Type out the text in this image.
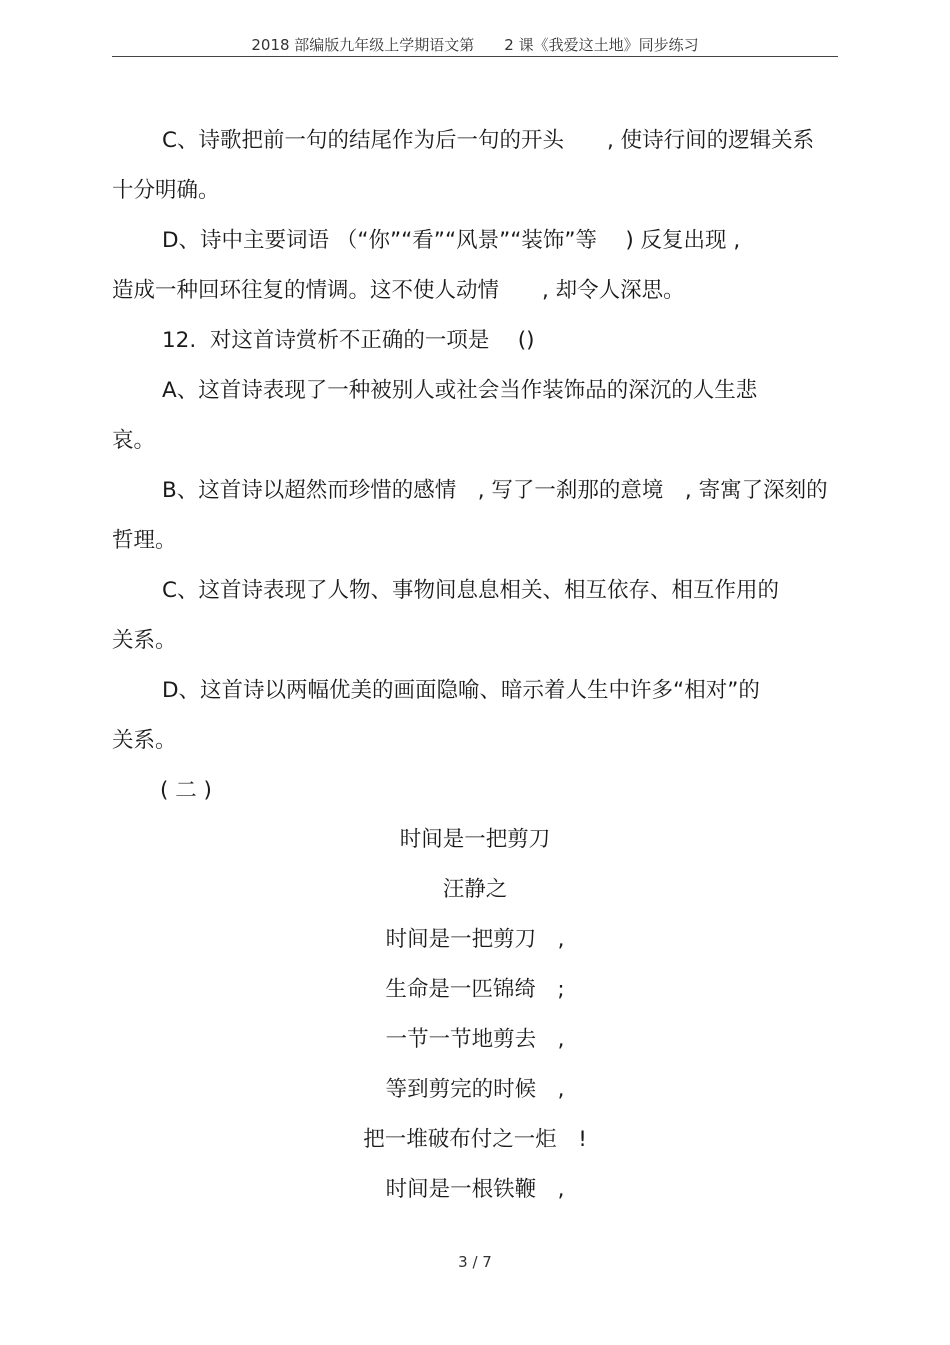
2018 部编版九年级上学期语文第　　2 课《我爱这土地》同步练习
C、诗歌把前一句的结尾作为后一句的开头　　, 使诗行间的逻辑关系
十分明确。
D、诗中主要词语 （“你”“看”“风景”“装饰”等　 ) 反复出现 ,
造成一种回环往复的情调。这不使人动情　　, 却令人深思。
12.  对这首诗赏析不正确的一项是　 ()
A、这首诗表现了一种被别人或社会当作装饰品的深沉的人生悲
哀。
B、这首诗以超然而珍惜的感情　, 写了一刹那的意境　, 寄寓了深刻的
哲理。
C、这首诗表现了人物、事物间息息相关、相互依存、相互作用的
关系。
D、这首诗以两幅优美的画面隐喻、暗示着人生中许多“相对”的
关系。
( 二 )
时间是一把剪刀
汪静之
时间是一把剪刀　,
生命是一匹锦绮　;
一节一节地剪去　,
等到剪完的时候　,
把一堆破布付之一炬　!
时间是一根铁鞭　,
3 / 7
